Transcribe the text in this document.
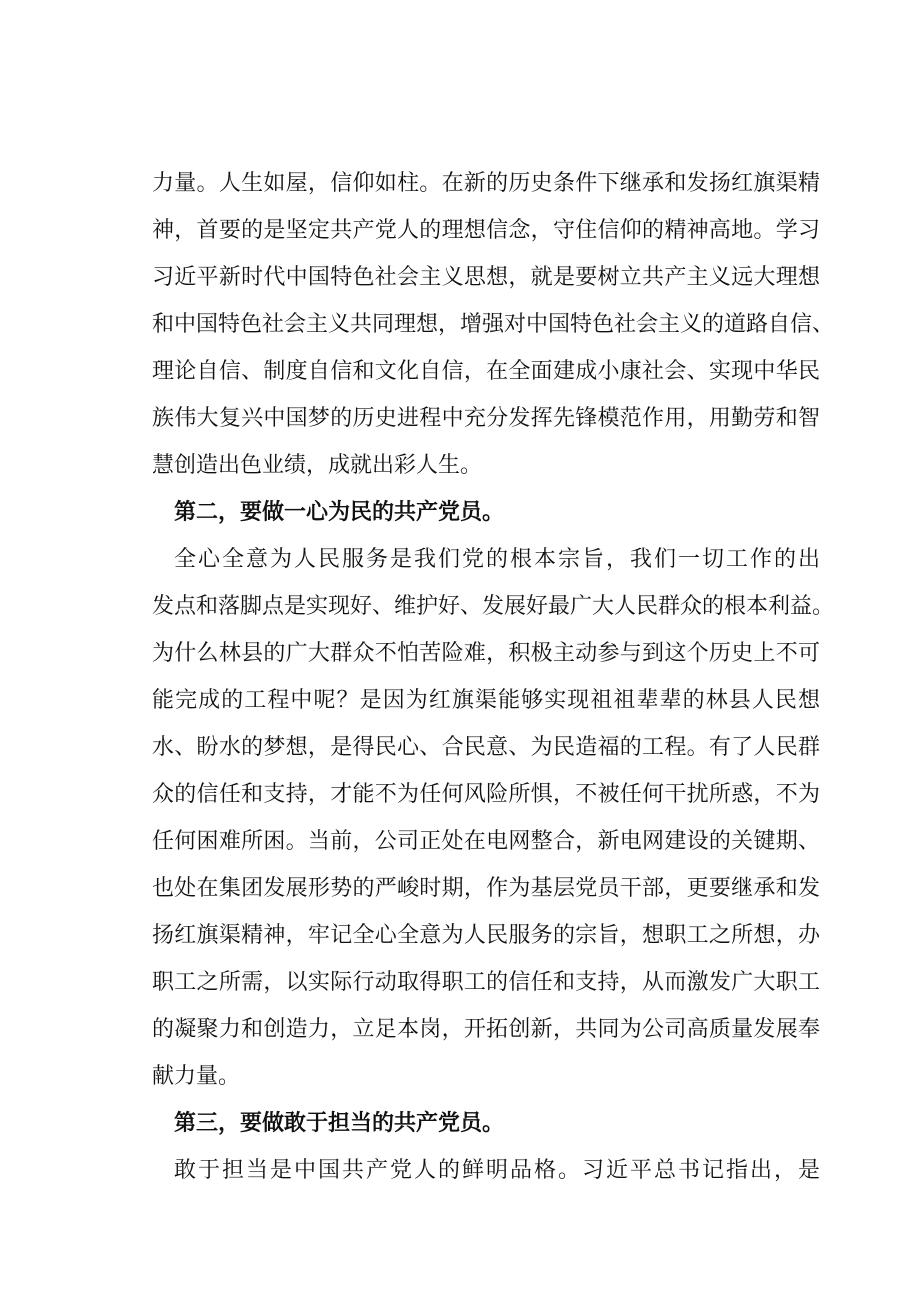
力量。人生如屋，信仰如柱。在新的历史条件下继承和发扬红旗渠精
神，首要的是坚定共产党人的理想信念，守住信仰的精神高地。学习
习近平新时代中国特色社会主义思想，就是要树立共产主义远大理想
和中国特色社会主义共同理想，增强对中国特色社会主义的道路自信、
理论自信、制度自信和文化自信，在全面建成小康社会、实现中华民
族伟大复兴中国梦的历史进程中充分发挥先锋模范作用，用勤劳和智
慧创造出色业绩，成就出彩人生。
第二，要做一心为民的共产党员。
全心全意为人民服务是我们党的根本宗旨，我们一切工作的出
发点和落脚点是实现好、维护好、发展好最广大人民群众的根本利益。
为什么林县的广大群众不怕苦险难，积极主动参与到这个历史上不可
能完成的工程中呢？是因为红旗渠能够实现祖祖辈辈的林县人民想
水、盼水的梦想，是得民心、合民意、为民造福的工程。有了人民群
众的信任和支持，才能不为任何风险所惧，不被任何干扰所惑，不为
任何困难所困。当前，公司正处在电网整合，新电网建设的关键期、
也处在集团发展形势的严峻时期，作为基层党员干部，更要继承和发
扬红旗渠精神，牢记全心全意为人民服务的宗旨，想职工之所想，办
职工之所需，以实际行动取得职工的信任和支持，从而激发广大职工
的凝聚力和创造力，立足本岗，开拓创新，共同为公司高质量发展奉
献力量。
第三，要做敢于担当的共产党员。
敢于担当是中国共产党人的鲜明品格。习近平总书记指出，是
